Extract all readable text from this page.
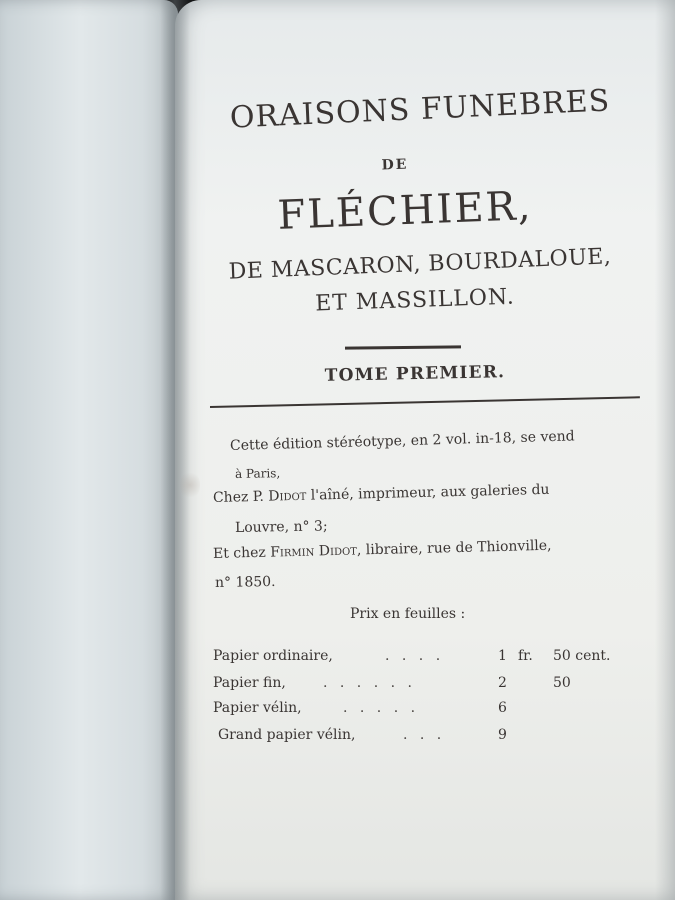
ORAISONS FUNEBRES
DE
FLÉCHIER,
DE MASCARON, BOURDALOUE,
ET MASSILLON.
TOME PREMIER.
Cette édition stéréotype, en 2 vol. in-18, se vend
à Paris,
Chez P. Didot l'aîné, imprimeur, aux galeries du
Louvre, n° 3;
Et chez Firmin Didot, libraire, rue de Thionville,
n° 1850.
Prix en feuilles :
Papier ordinaire,	. . . .	1 fr. 50 cent.
Papier fin,	. . . . . .	2	50
Papier vélin,	. . . . .	6
Grand papier vélin,	. . .	9
